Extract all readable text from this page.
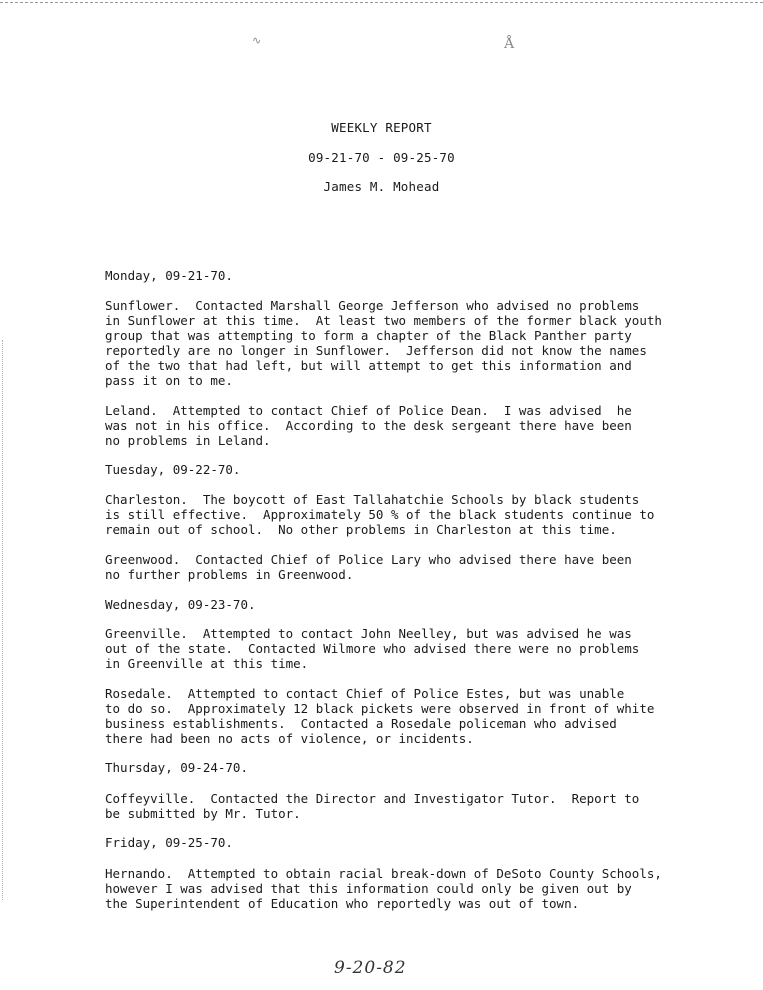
∿	Å
WEEKLY REPORT
09-21-70 - 09-25-70
James M. Mohead
Monday, 09-21-70.
Sunflower.  Contacted Marshall George Jefferson who advised no problems
in Sunflower at this time.  At least two members of the former black youth
group that was attempting to form a chapter of the Black Panther party
reportedly are no longer in Sunflower.  Jefferson did not know the names
of the two that had left, but will attempt to get this information and
pass it on to me.
Leland.  Attempted to contact Chief of Police Dean.  I was advised  he
was not in his office.  According to the desk sergeant there have been
no problems in Leland.
Tuesday, 09-22-70.
Charleston.  The boycott of East Tallahatchie Schools by black students
is still effective.  Approximately 50 % of the black students continue to
remain out of school.  No other problems in Charleston at this time.
Greenwood.  Contacted Chief of Police Lary who advised there have been
no further problems in Greenwood.
Wednesday, 09-23-70.
Greenville.  Attempted to contact John Neelley, but was advised he was
out of the state.  Contacted Wilmore who advised there were no problems
in Greenville at this time.
Rosedale.  Attempted to contact Chief of Police Estes, but was unable
to do so.  Approximately 12 black pickets were observed in front of white
business establishments.  Contacted a Rosedale policeman who advised
there had been no acts of violence, or incidents.
Thursday, 09-24-70.
Coffeyville.  Contacted the Director and Investigator Tutor.  Report to
be submitted by Mr. Tutor.
Friday, 09-25-70.
Hernando.  Attempted to obtain racial break-down of DeSoto County Schools,
however I was advised that this information could only be given out by
the Superintendent of Education who reportedly was out of town.
9-20-82
